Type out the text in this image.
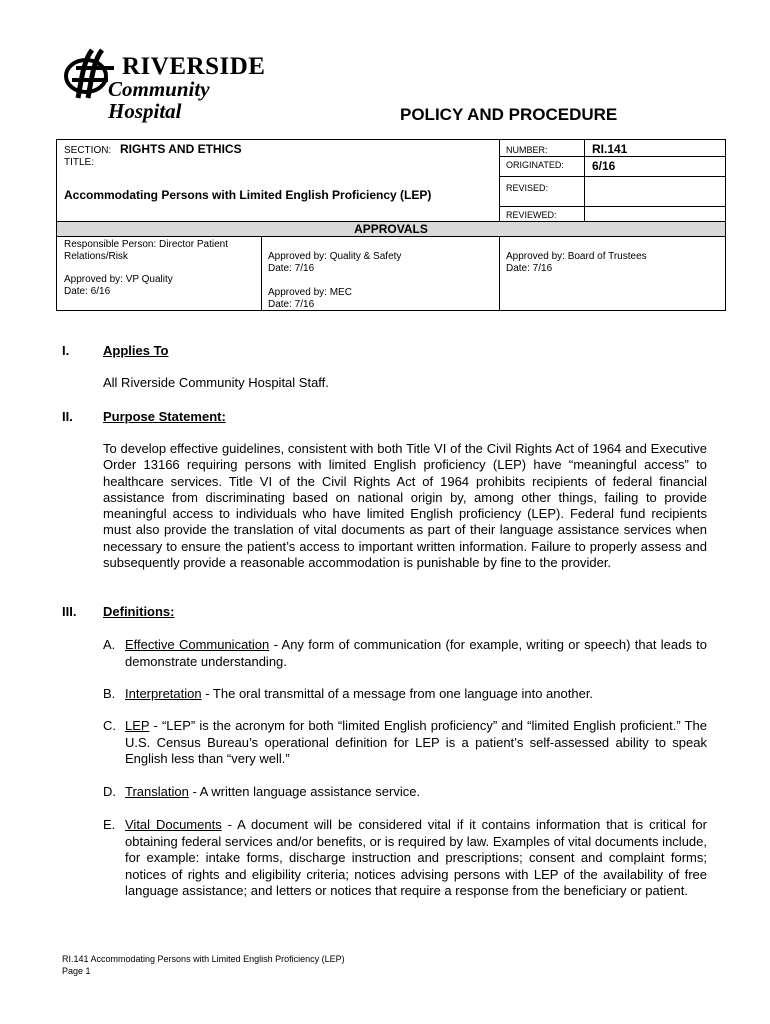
RIVERSIDE
Community Hospital	POLICY AND PROCEDURE
SECTION: RIGHTS AND ETHICS
TITLE:
Accommodating Persons with Limited English Proficiency (LEP)
NUMBER:	RI.141
ORIGINATED: 6/16
REVISED:
REVIEWED:
APPROVALS
Responsible Person: Director Patient
Relations/Risk
Approved by: VP Quality
Date: 6/16
Approved by: Quality & Safety
Date: 7/16
Approved by: MEC
Date: 7/16
Approved by: Board of Trustees
Date: 7/16
I.	Applies To
All Riverside Community Hospital Staff.
II. Purpose Statement:
To develop effective guidelines, consistent with both Title VI of the Civil Rights Act of 1964 and Executive Order 13166 requiring persons with limited English proficiency (LEP) have “meaningful access” to healthcare services. Title VI of the Civil Rights Act of 1964 prohibits recipients of federal financial assistance from discriminating based on national origin by, among other things, failing to provide meaningful access to individuals who have limited English proficiency (LEP). Federal fund recipients must also provide the translation of vital documents as part of their language assistance services when necessary to ensure the patient’s access to important written information. Failure to properly assess and subsequently provide a reasonable accommodation is punishable by fine to the provider.
III. Definitions:
A. Effective Communication - Any form of communication (for example, writing or speech) that leads to demonstrate understanding.
B. Interpretation - The oral transmittal of a message from one language into another.
C. LEP - “LEP” is the acronym for both “limited English proficiency” and “limited English proficient.” The U.S. Census Bureau’s operational definition for LEP is a patient’s self-assessed ability to speak English less than “very well.”
D. Translation - A written language assistance service.
E. Vital Documents - A document will be considered vital if it contains information that is critical for obtaining federal services and/or benefits, or is required by law. Examples of vital documents include, for example: intake forms, discharge instruction and prescriptions; consent and complaint forms; notices of rights and eligibility criteria; notices advising persons with LEP of the availability of free language assistance; and letters or notices that require a response from the beneficiary or patient.
RI.141 Accommodating Persons with Limited English Proficiency (LEP)
Page 1
